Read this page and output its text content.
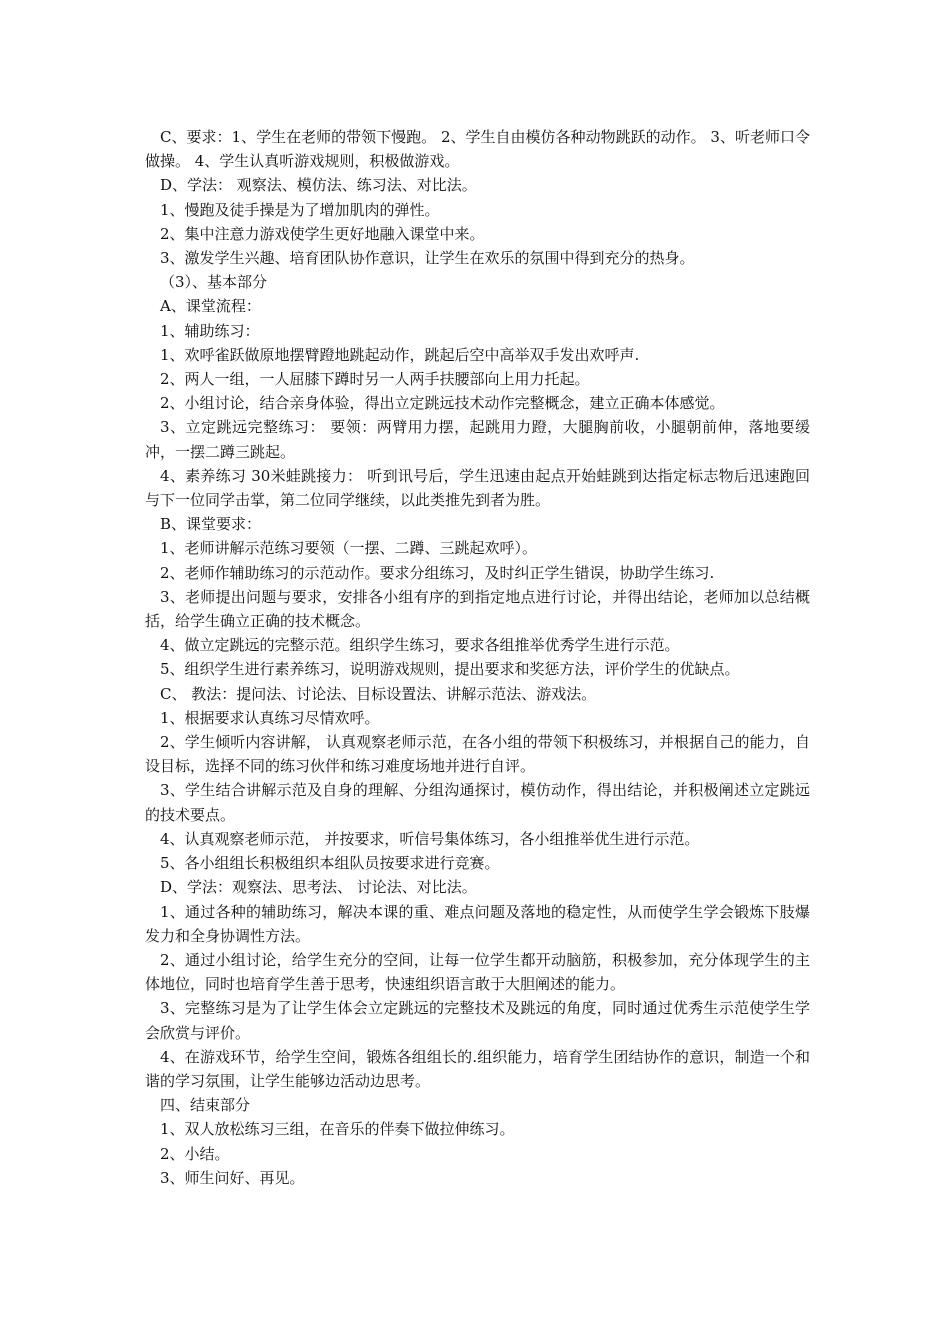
C、要求：1、学生在老师的带领下慢跑。 2、学生自由模仿各种动物跳跃的动作。 3、听老师口令做操。 4、学生认真听游戏规则，积极做游戏。

D、学法： 观察法、模仿法、练习法、对比法。

1、慢跑及徒手操是为了增加肌肉的弹性。

2、集中注意力游戏使学生更好地融入课堂中来。

3、激发学生兴趣、培育团队协作意识，让学生在欢乐的氛围中得到充分的热身。

（3）、基本部分

A、课堂流程：

1、辅助练习：

1、欢呼雀跃做原地摆臂蹬地跳起动作，跳起后空中高举双手发出欢呼声.

2、两人一组，一人屈膝下蹲时另一人两手扶腰部向上用力托起。

2、小组讨论，结合亲身体验，得出立定跳远技术动作完整概念，建立正确本体感觉。

3、立定跳远完整练习： 要领：两臂用力摆，起跳用力蹬，大腿胸前收，小腿朝前伸，落地要缓冲，一摆二蹲三跳起。

4、素养练习 30米蛙跳接力： 听到讯号后，学生迅速由起点开始蛙跳到达指定标志物后迅速跑回与下一位同学击掌，第二位同学继续，以此类推先到者为胜。

B、课堂要求：

1、老师讲解示范练习要领（一摆、二蹲、三跳起欢呼）。

2、老师作辅助练习的示范动作。要求分组练习，及时纠正学生错误，协助学生练习.

3、老师提出问题与要求，安排各小组有序的到指定地点进行讨论，并得出结论，老师加以总结概括，给学生确立正确的技术概念。

4、做立定跳远的完整示范。组织学生练习，要求各组推举优秀学生进行示范。

5、组织学生进行素养练习，说明游戏规则，提出要求和奖惩方法，评价学生的优缺点。

C、 教法：提问法、讨论法、目标设置法、讲解示范法、游戏法。

1、根据要求认真练习尽情欢呼。

2、学生倾听内容讲解， 认真观察老师示范，在各小组的带领下积极练习，并根据自己的能力，自设目标，选择不同的练习伙伴和练习难度场地并进行自评。

3、学生结合讲解示范及自身的理解、分组沟通探讨，模仿动作，得出结论，并积极阐述立定跳远的技术要点。

4、认真观察老师示范， 并按要求，听信号集体练习，各小组推举优生进行示范。

5、各小组组长积极组织本组队员按要求进行竞赛。

D、学法：观察法、思考法、 讨论法、对比法。

1、通过各种的辅助练习，解决本课的重、难点问题及落地的稳定性，从而使学生学会锻炼下肢爆发力和全身协调性方法。

2、通过小组讨论，给学生充分的空间，让每一位学生都开动脑筋，积极参加，充分体现学生的主体地位，同时也培育学生善于思考，快速组织语言敢于大胆阐述的能力。

3、完整练习是为了让学生体会立定跳远的完整技术及跳远的角度，同时通过优秀生示范使学生学会欣赏与评价。

4、在游戏环节，给学生空间，锻炼各组组长的.组织能力，培育学生团结协作的意识，制造一个和谐的学习氛围，让学生能够边活动边思考。

四、结束部分

1、双人放松练习三组，在音乐的伴奏下做拉伸练习。

2、小结。

3、师生问好、再见。
